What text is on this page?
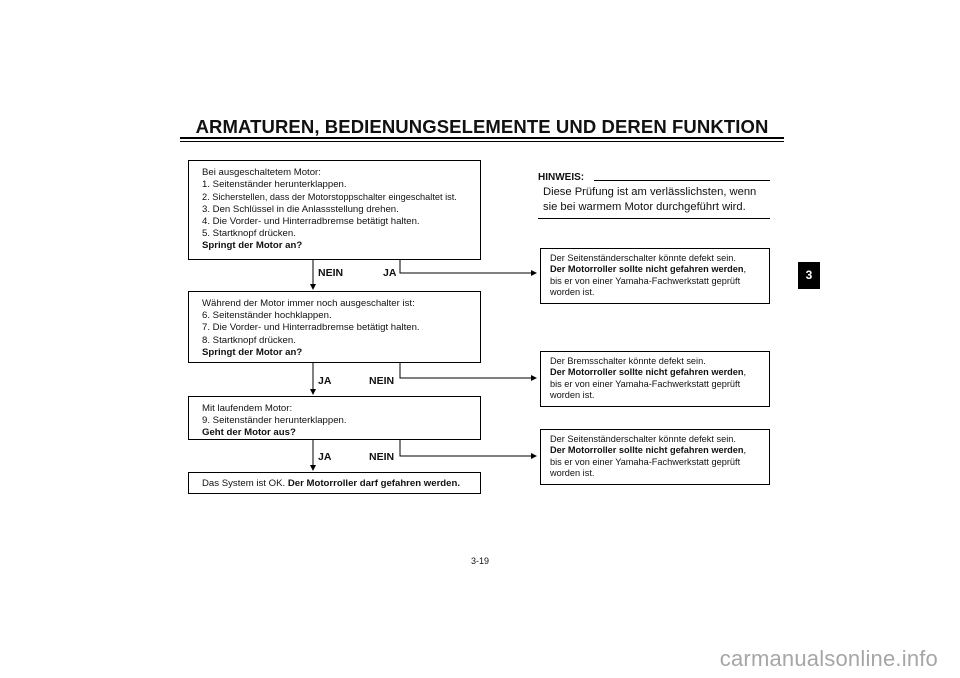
ARMATUREN, BEDIENUNGSELEMENTE UND DEREN FUNKTION
Bei ausgeschaltetem Motor:
1. Seitenständer herunterklappen.
2. Sicherstellen, dass der Motorstoppschalter eingeschaltet ist.
3. Den Schlüssel in die Anlassstellung drehen.
4. Die Vorder- und Hinterradbremse betätigt halten.
5. Startknopf drücken.
Springt der Motor an?
NEIN	JA
Während der Motor immer noch ausgeschalter ist:
6. Seitenständer hochklappen.
7. Die Vorder- und Hinterradbremse betätigt halten.
8. Startknopf drücken.
Springt der Motor an?
JA	NEIN
Mit laufendem Motor:
9. Seitenständer herunterklappen.
Geht der Motor aus?
JA	NEIN
Das System ist OK. Der Motorroller darf gefahren werden.
HINWEIS:
Diese Prüfung ist am verlässlichsten, wenn
sie bei warmem Motor durchgeführt wird.
Der Seitenständerschalter könnte defekt sein.
Der Motorroller sollte nicht gefahren werden,
bis er von einer Yamaha-Fachwerkstatt geprüft
worden ist.
Der Bremsschalter könnte defekt sein.
Der Motorroller sollte nicht gefahren werden,
bis er von einer Yamaha-Fachwerkstatt geprüft
worden ist.
Der Seitenständerschalter könnte defekt sein.
Der Motorroller sollte nicht gefahren werden,
bis er von einer Yamaha-Fachwerkstatt geprüft
worden ist.
3
3-19
carmanualsonline.info
